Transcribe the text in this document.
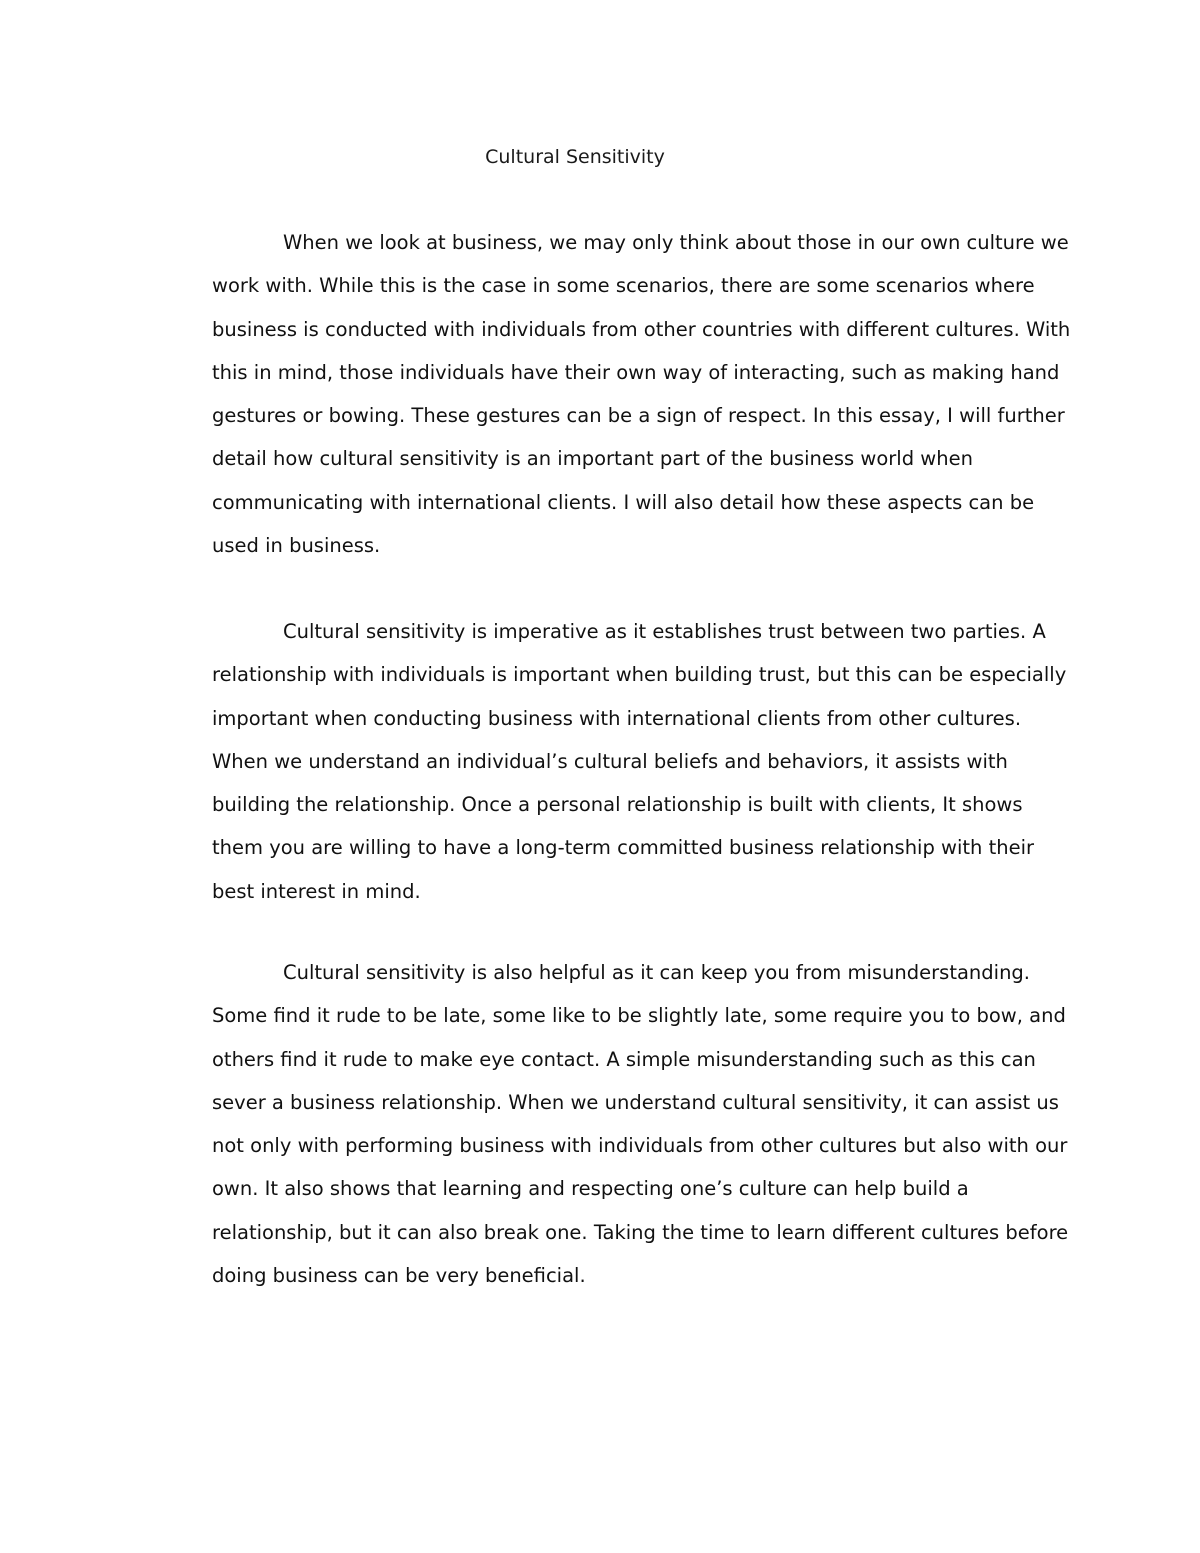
Cultural Sensitivity

When we look at business, we may only think about those in our own culture we work with. While this is the case in some scenarios, there are some scenarios where business is conducted with individuals from other countries with different cultures. With this in mind, those individuals have their own way of interacting, such as making hand gestures or bowing. These gestures can be a sign of respect. In this essay, I will further detail how cultural sensitivity is an important part of the business world when communicating with international clients. I will also detail how these aspects can be used in business.

Cultural sensitivity is imperative as it establishes trust between two parties. A relationship with individuals is important when building trust, but this can be especially important when conducting business with international clients from other cultures. When we understand an individual’s cultural beliefs and behaviors, it assists with building the relationship. Once a personal relationship is built with clients, It shows them you are willing to have a long-term committed business relationship with their best interest in mind.

Cultural sensitivity is also helpful as it can keep you from misunderstanding. Some find it rude to be late, some like to be slightly late, some require you to bow, and others find it rude to make eye contact. A simple misunderstanding such as this can sever a business relationship. When we understand cultural sensitivity, it can assist us not only with performing business with individuals from other cultures but also with our own. It also shows that learning and respecting one’s culture can help build a relationship, but it can also break one. Taking the time to learn different cultures before doing business can be very beneficial.
